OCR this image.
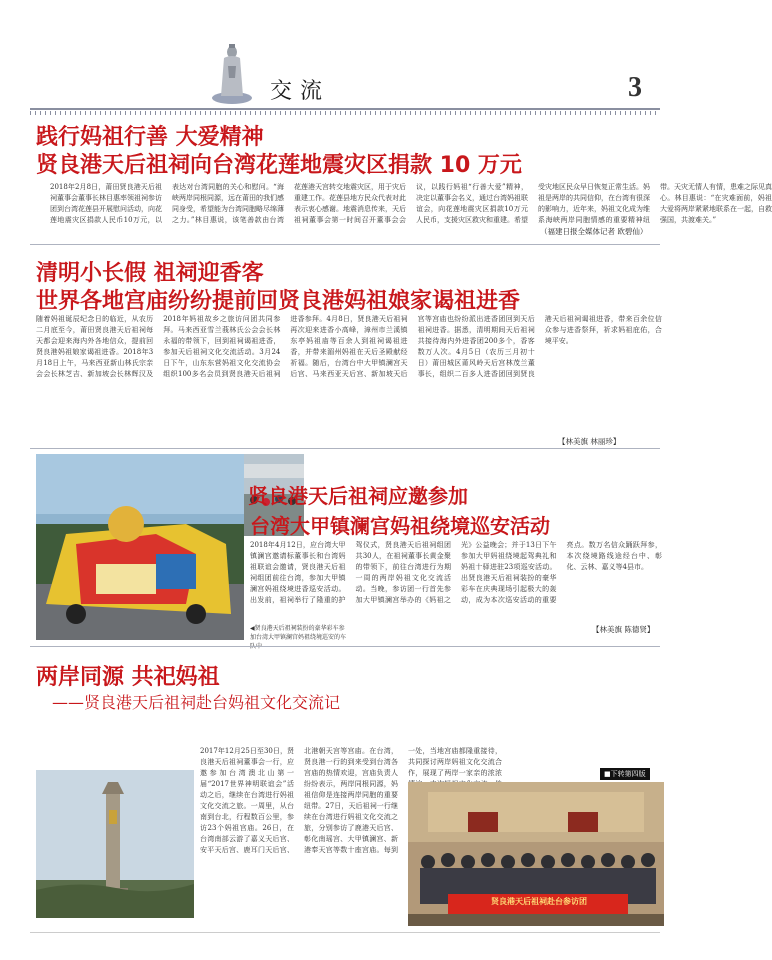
交流	3
践行妈祖行善 大爱精神
贤良港天后祖祠向台湾花莲地震灾区捐款 10 万元
2018年2月8日，莆田贤良港天后祖祠董事会董事长林目惠率领祖祠参访团到台湾花莲县开展慰问活动，向花莲地震灾区捐款人民币10万元，以表达对台湾同胞的关心和慰问。“海峡两岸同根同源，远在莆田的我们感同身受，希望能为台湾同胞略尽绵薄之力。”林目惠说，该笔善款由台湾花莲港天宫转交地震灾区，用于灾后重建工作。花莲县地方民众代表对此表示衷心感谢。地震消息传来，天后祖祠董事会第一时间召开董事会会议，以践行妈祖“行善大爱”精神，决定以董事会名义，通过台湾妈祖联谊会，向花莲地震灾区捐款10万元人民币，支援灾区救灾和重建。希望受灾地区民众早日恢复正常生活。妈祖是两岸的共同信仰，在台湾有很深的影响力，近年来，妈祖文化成为维系海峡两岸同胞情感的重要精神纽带。天灾无情人有情，患难之际见真心。林目惠说：“在灾难面前，妈祖大爱将两岸紧紧地联系在一起，自救强国，共渡难关。”
（福建日报全媒体记者 欧碧仙）
清明小长假 祖祠迎香客
世界各地宫庙纷纷提前回贤良港妈祖娘家谒祖进香
随着妈祖诞辰纪念日的临近，从农历二月底至今，莆田贤良港天后祖祠每天都会迎来海内外各地信众，提前回贤良港妈祖娘家谒祖进香。2018年3月18日上午，马来西亚新山林氏宗亲会会长林芝吉、新加坡会长林辉汉及2018年妈祖故乡之旅访问团共同参拜。马来西亚雪兰莪林氏公会会长林永福的带领下，回到祖祠谒祖进香，参加天后祖祠文化交流活动。3月24日下午，山东东营妈祖文化交流协会组织100多名会员到贤良港天后祖祠进香参拜。4月8日，贤良港天后祖祠再次迎来进香小高峰，漳州市兰溪镇东亭妈祖庙等百余人到祖祠谒祖进香，并带来湄州妈祖在天后圣殿献经祈福。随后，台湾台中大甲镇澜宫天后宫、马来西亚天后宫、新加坡天后宫等宫庙也纷纷派出进香团回到天后祖祠进香。据悉，清明期间天后祖祠共接待海内外进香团200多个，香客数万人次。4月5日（农历三月初十日）莆田城区莆风岭天后宫林茂兰董事长，组织二百多人进香团回到贤良港天后祖祠谒祖进香，带来百余位信众参与进香祭拜，祈求妈祖庇佑，合境平安。
【林美旗 林丽珍】
贤良港天后祖祠应邀参加
台湾大甲镇澜宫妈祖绕境巡安活动
2018年4月12日，应台湾大甲镇澜宫邀请标董事长和台湾妈祖联谊会邀请，贤良港天后祖祠组团前往台湾，参加大甲镇澜宫妈祖绕境进香巡安活动。出发前，祖祠举行了隆重的护驾仪式，贤良港天后祖祠组团共30人，在祖祠董事长黄金聚的带领下，前往台湾进行为期一周的两岸妈祖文化交流活动。当晚，参访团一行首先参加大甲镇澜宫举办的《妈祖之光》公益晚会；并于13日下午参加大甲妈祖绕境起驾典礼和妈祖十驿进驻23项巡安活动。出贤良港天后祖祠装扮的豪华彩车在庆典现场引起极大的轰动，成为本次巡安活动的重要亮点。数万名信众踊跃拜参，本次绕境路线途经台中、彰化、云林、嘉义等4县市。
◀贤良港天后祖祠装扮的豪华彩车参加台湾大甲镇澜宫妈祖绕境巡安的车
【林美旗 陈德贤】
两岸同源 共祀妈祖
——贤良港天后祖祠赴台妈祖文化交流记
2017年12月25日至30日，贤良港天后祖祠董事会一行，应邀参加台湾澳北山第一届“2017世界神明联谊会”活动之后，继续在台湾进行妈祖文化交流之旅。一周里，从台南到台北，行程数百公里，参访23个妈祖宫庙。26日，在台湾南部云游了嘉义天后宫、安平天后宫、鹿耳门天后宫、北港朝天宫等宫庙。在台湾，贤良港一行的到来受到台湾各宫庙的热情欢迎，宫庙负责人纷纷表示，两岸同根同源，妈祖信仰是连接两岸同胞的重要纽带。27日，天后祖祠一行继续在台湾进行妈祖文化交流之旅，分别参访了鹿港天后宫、彰化南瑶宫、大甲镇澜宫、新港奉天宫等数十座宫庙。每到一处，当地宫庙都隆重接待，共同探讨两岸妈祖文化交流合作，展现了两岸一家亲的浓浓	■下转第四版
贤良港天后祖祠赴台参访团
